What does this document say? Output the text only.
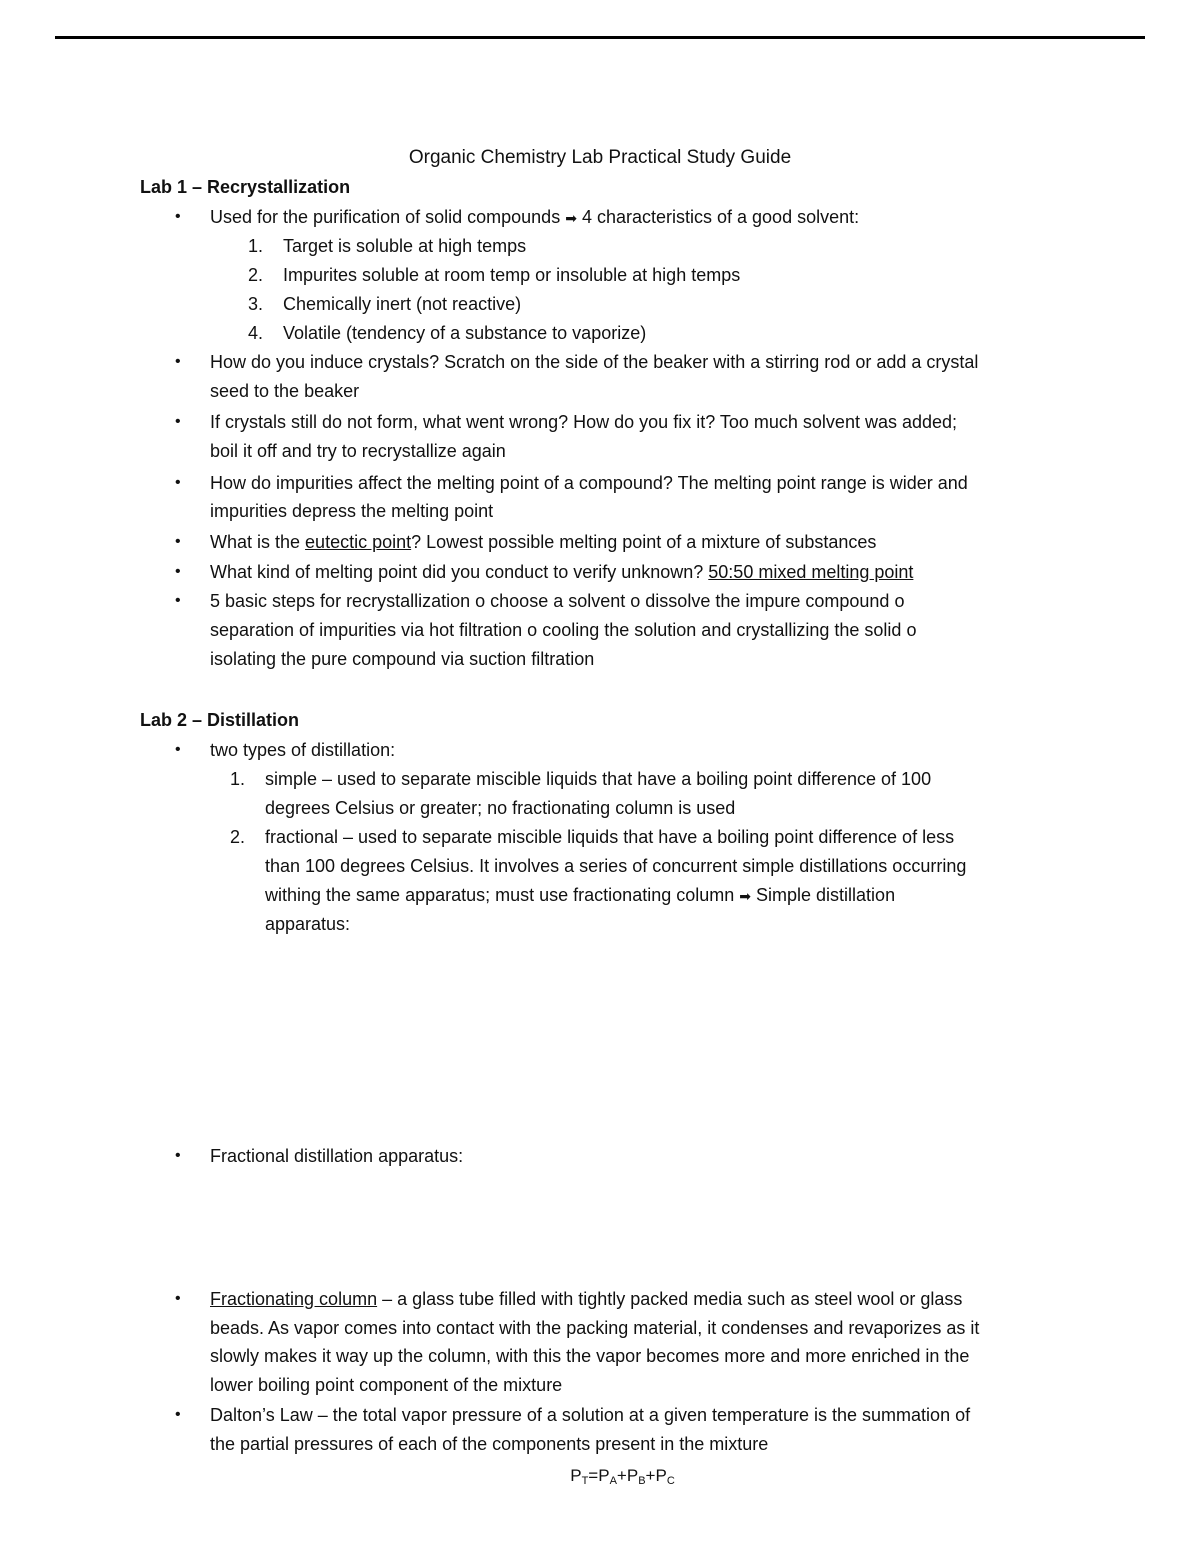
Organic Chemistry Lab Practical Study Guide
Lab 1 – Recrystallization
• Used for the purification of solid compounds ➡ 4 characteristics of a good solvent:
1. Target is soluble at high temps
2. Impurites soluble at room temp or insoluble at high temps
3. Chemically inert (not reactive)
4. Volatile (tendency of a substance to vaporize)
• How do you induce crystals? Scratch on the side of the beaker with a stirring rod or add a crystal
seed to the beaker
• If crystals still do not form, what went wrong? How do you fix it? Too much solvent was added;
boil it off and try to recrystallize again
• How do impurities affect the melting point of a compound? The melting point range is wider and
impurities depress the melting point
• What is the eutectic point? Lowest possible melting point of a mixture of substances
• What kind of melting point did you conduct to verify unknown? 50:50 mixed melting point
• 5 basic steps for recrystallization o choose a solvent o dissolve the impure compound o
separation of impurities via hot filtration o cooling the solution and crystallizing the solid o
isolating the pure compound via suction filtration
Lab 2 – Distillation
• two types of distillation:
1. simple – used to separate miscible liquids that have a boiling point difference of 100
degrees Celsius or greater; no fractionating column is used
2. fractional – used to separate miscible liquids that have a boiling point difference of less
than 100 degrees Celsius. It involves a series of concurrent simple distillations occurring
withing the same apparatus; must use fractionating column ➡ Simple distillation
apparatus:
• Fractional distillation apparatus:
• Fractionating column – a glass tube filled with tightly packed media such as steel wool or glass
beads. As vapor comes into contact with the packing material, it condenses and revaporizes as it
slowly makes it way up the column, with this the vapor becomes more and more enriched in the
lower boiling point component of the mixture
• Dalton’s Law – the total vapor pressure of a solution at a given temperature is the summation of
the partial pressures of each of the components present in the mixture
$P_T=P_A+P_B+P_C$
